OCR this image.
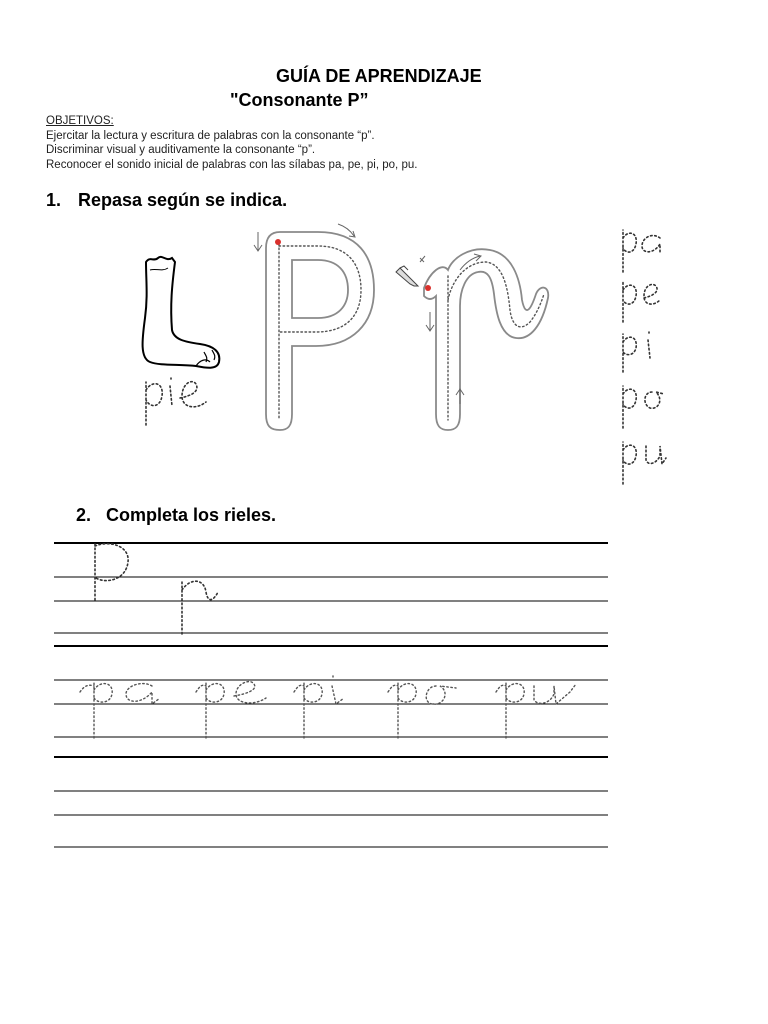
GUÍA DE APRENDIZAJE
"Consonante P”
OBJETIVOS:
Ejercitar la lectura y escritura de palabras con la consonante “p”.
Discriminar visual y auditivamente la consonante “p”.
Reconocer el sonido inicial de palabras con las sílabas pa, pe, pi, po, pu.
1. Repasa según se indica.
2. Completa los rieles.
